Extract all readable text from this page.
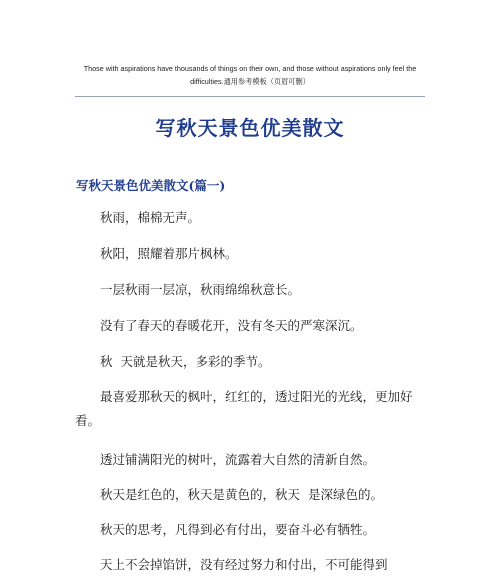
Those with aspirations have thousands of things on their own, and those without aspirations only feel the
difficulties.通用参考模板（页眉可删）
写秋天景色优美散文
写秋天景色优美散文(篇一)
秋雨，棉棉无声。
秋阳，照耀着那片枫林。
一层秋雨一层凉，秋雨绵绵秋意长。
没有了春天的春暖花开，没有冬天的严寒深沉。
秋  天就是秋天，多彩的季节。
最喜爱那秋天的枫叶，红红的，透过阳光的光线，更加好看。
透过铺满阳光的树叶，流露着大自然的清新自然。
秋天是红色的，秋天是黄色的，秋天  是深绿色的。
秋天的思考，凡得到必有付出，要奋斗必有牺牲。
天上不会掉馅饼，没有经过努力和付出，不可能得到
